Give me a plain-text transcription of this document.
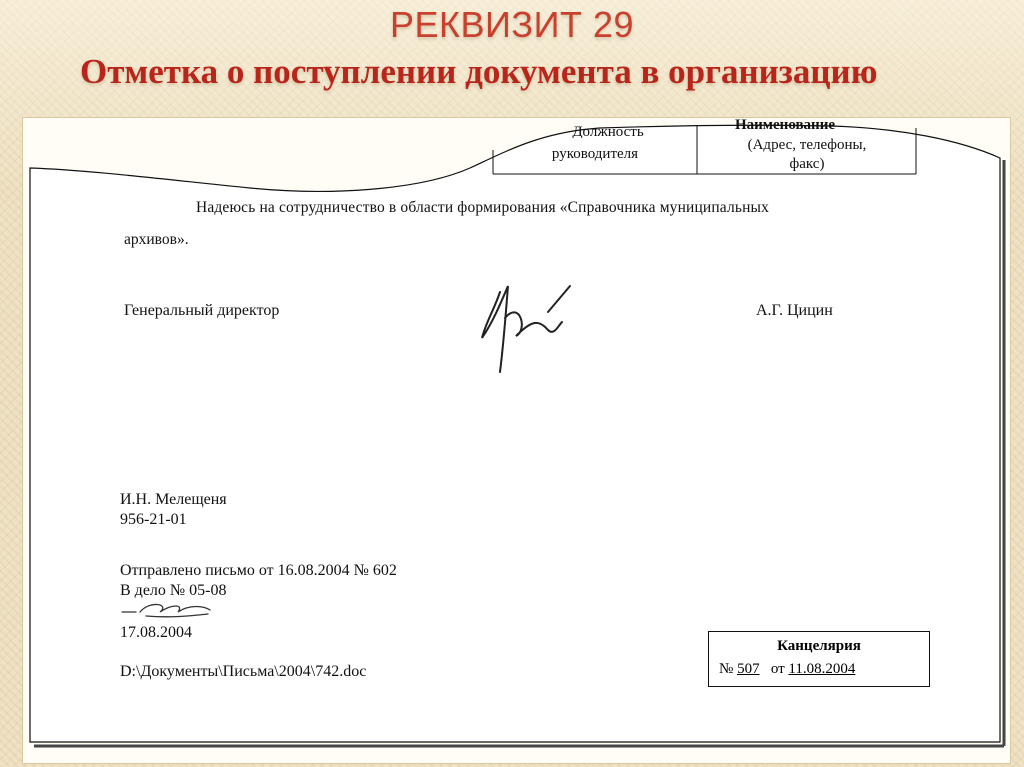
РЕКВИЗИТ 29
Отметка о поступлении документа в организацию
Должность
руководителя
Наименование
(Адрес, телефоны,
факс)
Надеюсь на сотрудничество в области формирования «Справочника муниципальных
архивов».
Генеральный директор	А.Г. Цицин
И.Н. Мелещеня
956-21-01
Отправлено письмо от 16.08.2004 № 602
В дело № 05-08
17.08.2004
D:\Документы\Письма\2004\742.doc
Канцелярия
№ 507 от 11.08.2004
